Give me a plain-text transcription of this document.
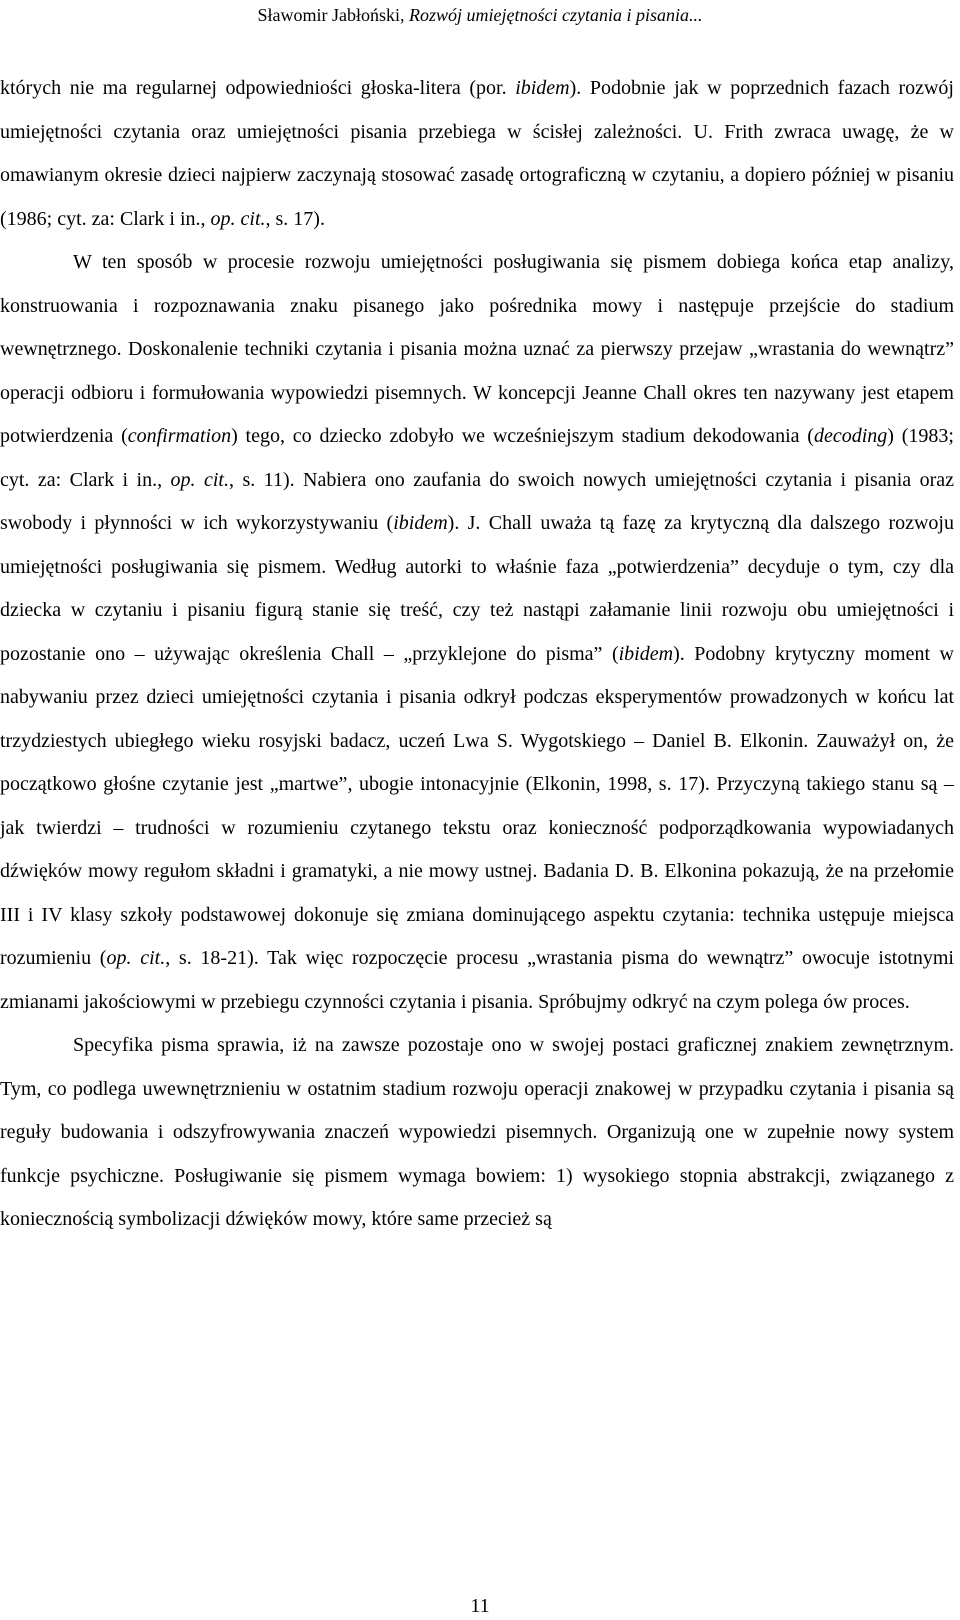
Sławomir Jabłoński, Rozwój umiejętności czytania i pisania...

których nie ma regularnej odpowiedniości głoska-litera (por. ibidem). Podobnie jak w poprzednich fazach rozwój umiejętności czytania oraz umiejętności pisania przebiega w ścisłej zależności. U. Frith zwraca uwagę, że w omawianym okresie dzieci najpierw zaczynają stosować zasadę ortograficzną w czytaniu, a dopiero później w pisaniu (1986; cyt. za: Clark i in., op. cit., s. 17).

W ten sposób w procesie rozwoju umiejętności posługiwania się pismem dobiega końca etap analizy, konstruowania i rozpoznawania znaku pisanego jako pośrednika mowy i następuje przejście do stadium wewnętrznego. Doskonalenie techniki czytania i pisania można uznać za pierwszy przejaw „wrastania do wewnątrz” operacji odbioru i formułowania wypowiedzi pisemnych. W koncepcji Jeanne Chall okres ten nazywany jest etapem potwierdzenia (confirmation) tego, co dziecko zdobyło we wcześniejszym stadium dekodowania (decoding) (1983; cyt. za: Clark i in., op. cit., s. 11). Nabiera ono zaufania do swoich nowych umiejętności czytania i pisania oraz swobody i płynności w ich wykorzystywaniu (ibidem). J. Chall uważa tą fazę za krytyczną dla dalszego rozwoju umiejętności posługiwania się pismem. Według autorki to właśnie faza „potwierdzenia” decyduje o tym, czy dla dziecka w czytaniu i pisaniu figurą stanie się treść, czy też nastąpi załamanie linii rozwoju obu umiejętności i pozostanie ono – używając określenia Chall – „przyklejone do pisma” (ibidem). Podobny krytyczny moment w nabywaniu przez dzieci umiejętności czytania i pisania odkrył podczas eksperymentów prowadzonych w końcu lat trzydziestych ubiegłego wieku rosyjski badacz, uczeń Lwa S. Wygotskiego – Daniel B. Elkonin. Zauważył on, że początkowo głośne czytanie jest „martwe”, ubogie intonacyjnie (Elkonin, 1998, s. 17). Przyczyną takiego stanu są – jak twierdzi – trudności w rozumieniu czytanego tekstu oraz konieczność podporządkowania wypowiadanych dźwięków mowy regułom składni i gramatyki, a nie mowy ustnej. Badania D. B. Elkonina pokazują, że na przełomie III i IV klasy szkoły podstawowej dokonuje się zmiana dominującego aspektu czytania: technika ustępuje miejsca rozumieniu (op. cit., s. 18-21). Tak więc rozpoczęcie procesu „wrastania pisma do wewnątrz” owocuje istotnymi zmianami jakościowymi w przebiegu czynności czytania i pisania. Spróbujmy odkryć na czym polega ów proces.

Specyfika pisma sprawia, iż na zawsze pozostaje ono w swojej postaci graficznej znakiem zewnętrznym. Tym, co podlega uwewnętrznieniu w ostatnim stadium rozwoju operacji znakowej w przypadku czytania i pisania są reguły budowania i odszyfrowywania znaczeń wypowiedzi pisemnych. Organizują one w zupełnie nowy system funkcje psychiczne. Posługiwanie się pismem wymaga bowiem: 1) wysokiego stopnia abstrakcji, związanego z koniecznością symbolizacji dźwięków mowy, które same przecież są

11
